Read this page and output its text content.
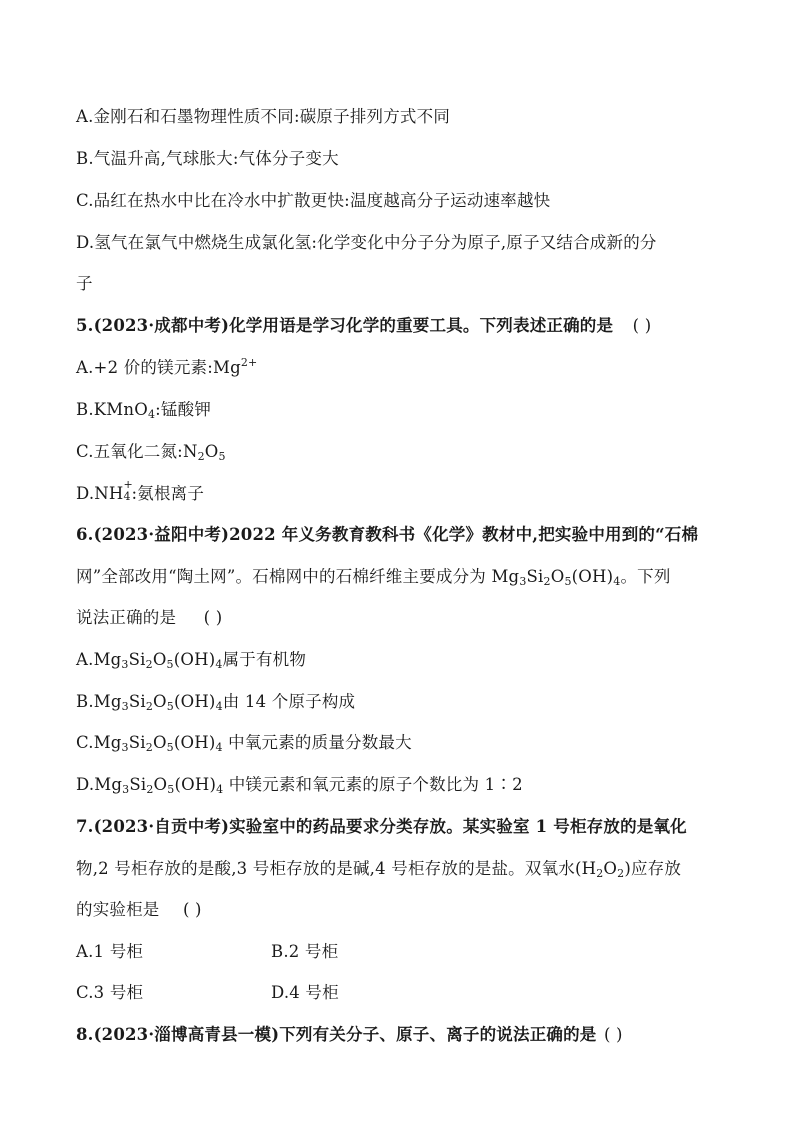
A.金刚石和石墨物理性质不同:碳原子排列方式不同
B.气温升高,气球胀大:气体分子变大
C.品红在热水中比在冷水中扩散更快:温度越高分子运动速率越快
D.氢气在氯气中燃烧生成氯化氢:化学变化中分子分为原子,原子又结合成新的分
子
5.(2023·成都中考)化学用语是学习化学的重要工具。下列表述正确的是 ( )
A.+2 价的镁元素$:Mg^{2+}$
B.KMnO$_4$:锰酸钾
C.五氧化二氮$:N_2O_5$
D.NH +
4 :氨根离子
6.(2023·益阳中考)2022 年义务教育教科书《化学》教材中,把实验中用到的“石棉
网”全部改用“陶土网”。石棉网中的石棉纤维主要成分为 $Mg_3Si_2O_5(OH)_4$。下列
说法正确的是 ( )
$A.Mg_3Si_2O_5(OH)_4$属于有机物
$B.Mg_3Si_2O_5(OH)_4$由 14 个原子构成
$C.Mg_3Si_2O_5(OH)_4$ 中氧元素的质量分数最大
$D.Mg_3Si_2O_5(OH)_4$ 中镁元素和氧元素的原子个数比为 1∶2
7.(2023·自贡中考)实验室中的药品要求分类存放。某实验室 1 号柜存放的是氧化
物,2 号柜存放的是酸,3 号柜存放的是碱,4 号柜存放的是盐。双氧水$(H_2O_2)$应存放
的实验柜是 ( )
A.1 号柜	B.2 号柜
C.3 号柜	D.4 号柜
8.(2023·淄博高青县一模)下列有关分子、原子、离子的说法正确的是 ( )
